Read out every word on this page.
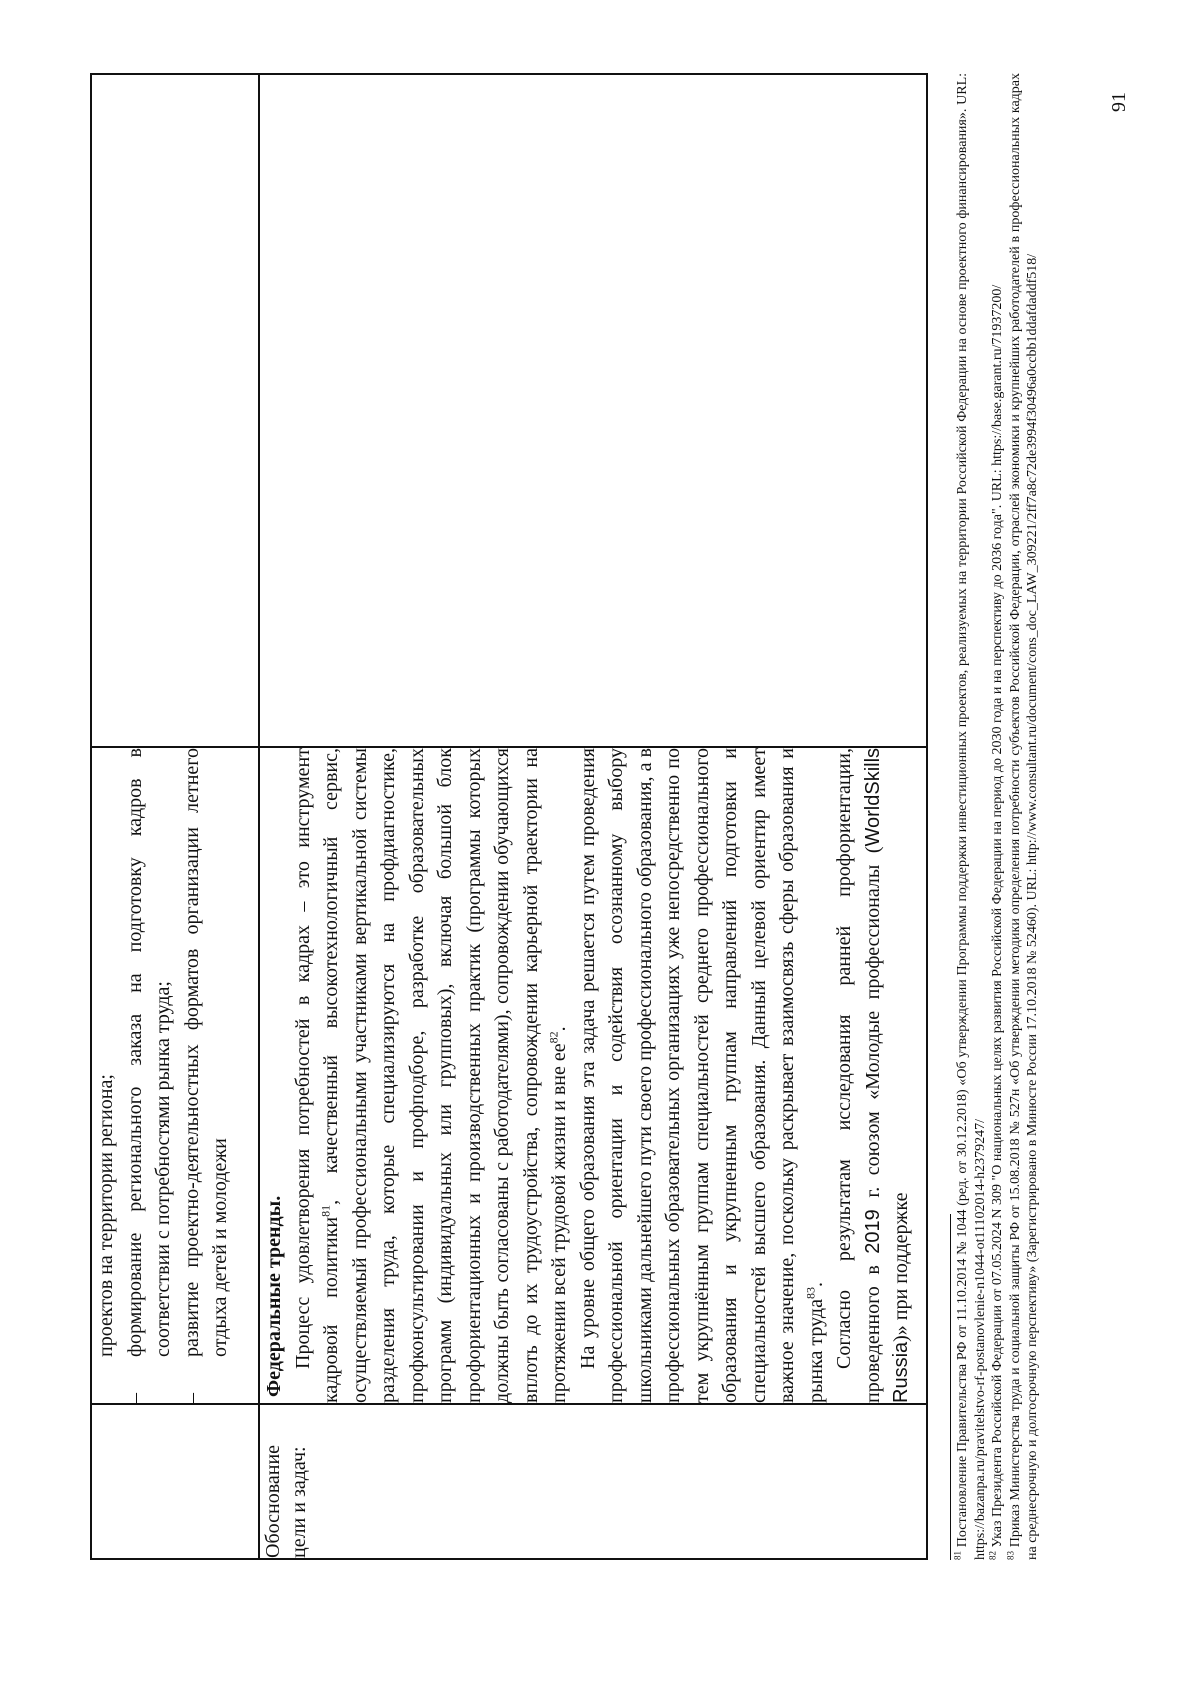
	проектов на территории региона;

–
формирование регионального заказа на подготовку кадров в соответствии с потребностями рынка труда;
–
развитие проектно-деятельностных форматов организации летнего отдыха детей и молодежи	

Обоснование цели и задач:	Федеральные тренды. Процесс удовлетворения потребностей в кадрах – это инструмент кадровой политики$^{81}$, качественный высокотехнологичный сервис, осуществляемый профессиональными участниками вертикальной системы разделения труда, которые специализируются на профдиагностике, профконсультировании и профподборе, разработке образовательных программ (индивидуальных или групповых), включая большой блок профориентационных и производственных практик (программы которых должны быть согласованы с работодателями), сопровождении обучающихся вплоть до их трудоустройства, сопровождении карьерной траектории на протяжении всей трудовой жизни и вне $ее^{82}$. На уровне общего образования эта задача решается путем проведения профессиональной ориентации и содействия осознанному выбору школьниками дальнейшего пути своего профессионального образования, а в профессиональных образовательных организациях уже непосредственно по тем укрупнённым группам специальностей среднего профессионального образования и укрупненным группам направлений подготовки и специальностей высшего образования. Данный целевой ориентир имеет важное значение, поскольку раскрывает взаимосвязь сферы образования и рынка труда$^{83}$. Согласно результатам исследования ранней профориентации, проведенного в 2019 г. союзом «Молодые профессионалы (WorldSkills Russia)» при поддержке	

$^{81}$ Постановление Правительства РФ от 11.10.2014 № 1044 (ред. от 30.12.2018) «Об утверждении Программы поддержки инвестиционных проектов, реализуемых на территории Российской Федерации на основе проектного финансирования». URL: https://bazanpa.ru/pravitelstvo-rf-postanovlenie-n1044-ot11102014-h2379247/ $^{82}$ Указ Президента Российской Федерации от 07.05.2024 N 309 "О национальных целях развития Российской Федерации на период до 2030 года и на перспективу до 2036 года". URL: https://base.garant.ru/71937200/

$^{83}$ Приказ Министерства труда и социальной защиты РФ от 15.08.2018 № 527н «Об утверждении методики определения потребности субъектов Российской Федерации, отраслей экономики и крупнейших работодателей в профессиональных кадрах на среднесрочную и долгосрочную перспективу» (Зарегистрировано в Минюсте России 17.10.2018 № 52460). URL: http://www.consultant.ru/document/cons_doc_LAW_309221/2ff7a8c72de3994f30496a0ccbb1ddafdaddf518/

91
